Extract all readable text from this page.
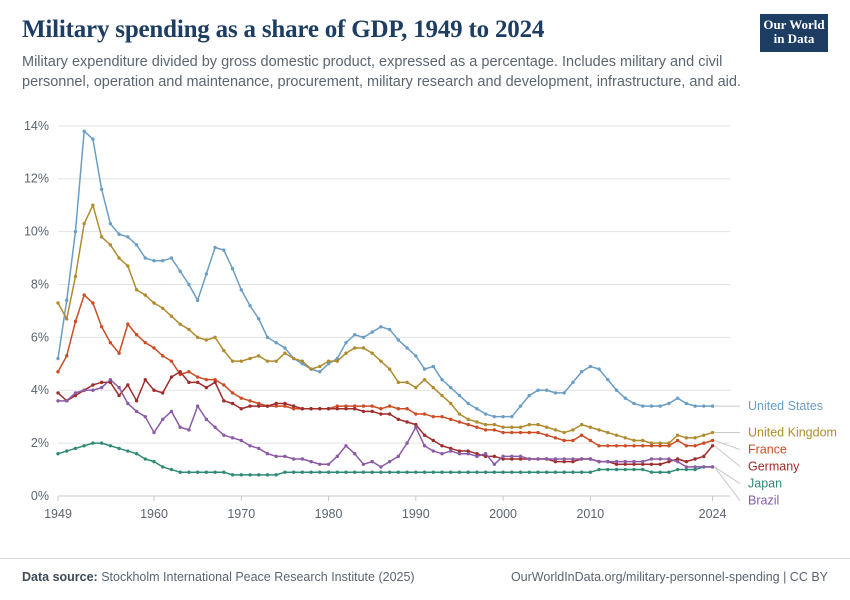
Military spending as a share of GDP, 1949 to 2024

Military expenditure divided by gross domestic product, expressed as a percentage. Includes military and civil personnel, operation and maintenance, procurement, military research and development, infrastructure, and aid.

Our World
in Data
0%
2%
4%
6%
8%
10%
12%
14%
1949	1960	1970	1980	1990	2000	2010	2024
United States
United Kingdom
France
Germany
Japan
Brazil
Data source: Stockholm International Peace Research Institute (2025)	OurWorldInData.org/military-personnel-spending | CC BY
